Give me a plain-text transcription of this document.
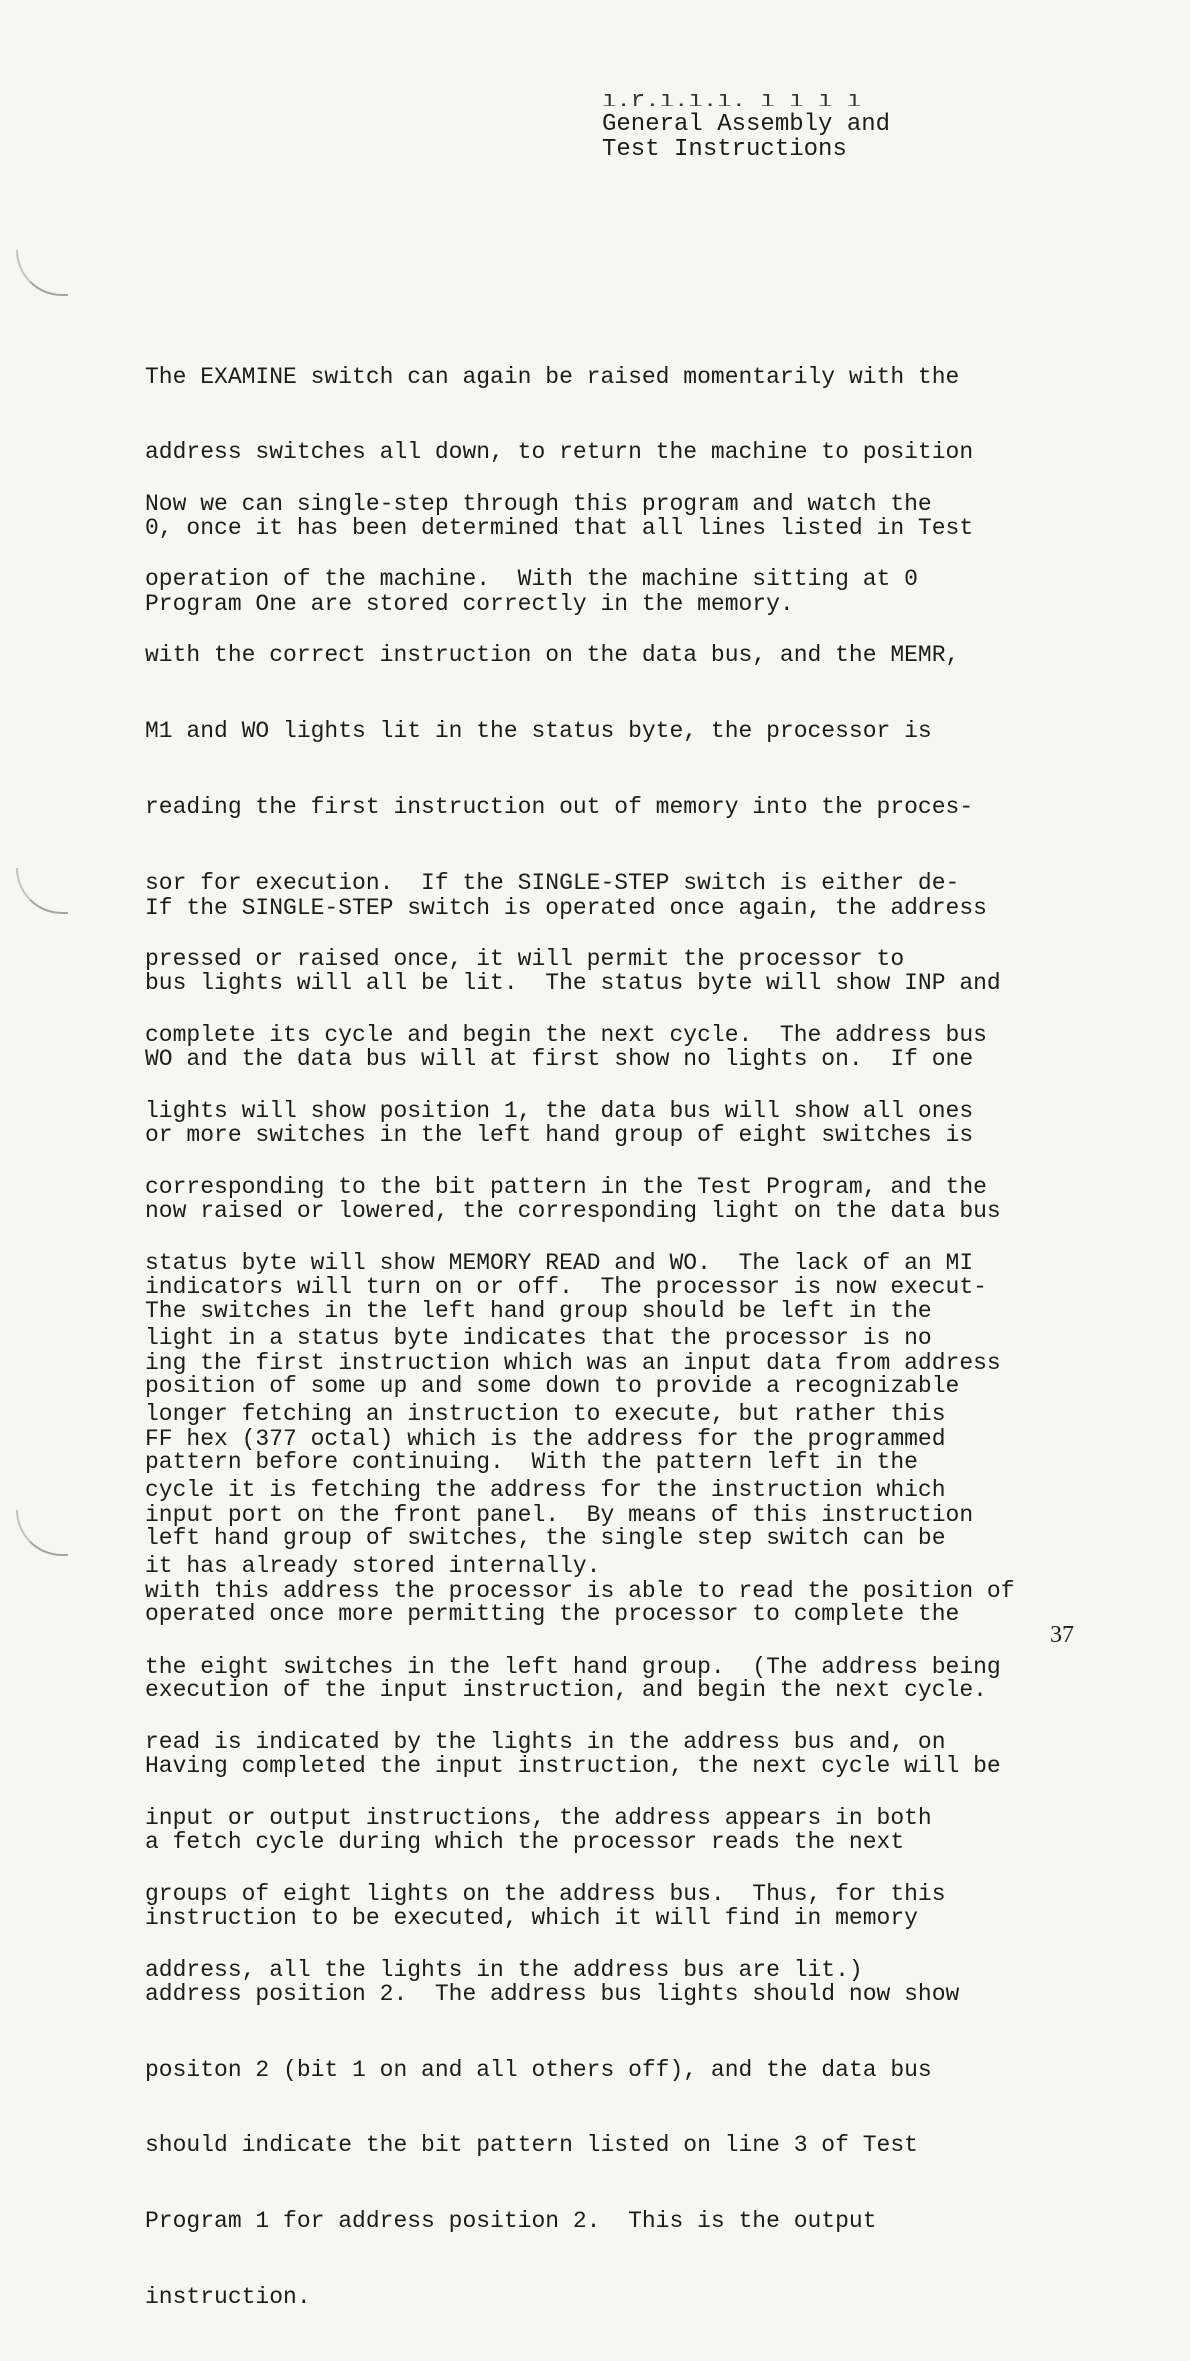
ı.r.ı.ı.ı. ı ı ı ı
General Assembly and
Test Instructions

The EXAMINE switch can again be raised momentarily with the

address switches all down, to return the machine to position

0, once it has been determined that all lines listed in Test

Program One are stored correctly in the memory.

Now we can single-step through this program and watch the

operation of the machine.  With the machine sitting at 0

with the correct instruction on the data bus, and the MEMR,

M1 and WO lights lit in the status byte, the processor is

reading the first instruction out of memory into the proces-

sor for execution.  If the SINGLE-STEP switch is either de-

pressed or raised once, it will permit the processor to

complete its cycle and begin the next cycle.  The address bus

lights will show position 1, the data bus will show all ones

corresponding to the bit pattern in the Test Program, and the

status byte will show MEMORY READ and WO.  The lack of an MI

light in a status byte indicates that the processor is no

longer fetching an instruction to execute, but rather this

cycle it is fetching the address for the instruction which

it has already stored internally.

If the SINGLE-STEP switch is operated once again, the address

bus lights will all be lit.  The status byte will show INP and

WO and the data bus will at first show no lights on.  If one

or more switches in the left hand group of eight switches is

now raised or lowered, the corresponding light on the data bus

indicators will turn on or off.  The processor is now execut-

ing the first instruction which was an input data from address

FF hex (377 octal) which is the address for the programmed

input port on the front panel.  By means of this instruction

with this address the processor is able to read the position of

the eight switches in the left hand group.  (The address being

read is indicated by the lights in the address bus and, on

input or output instructions, the address appears in both

groups of eight lights on the address bus.  Thus, for this

address, all the lights in the address bus are lit.)

The switches in the left hand group should be left in the

position of some up and some down to provide a recognizable

pattern before continuing.  With the pattern left in the

left hand group of switches, the single step switch can be

operated once more permitting the processor to complete the

execution of the input instruction, and begin the next cycle.

Having completed the input instruction, the next cycle will be

a fetch cycle during which the processor reads the next

instruction to be executed, which it will find in memory

address position 2.  The address bus lights should now show

positon 2 (bit 1 on and all others off), and the data bus

should indicate the bit pattern listed on line 3 of Test

Program 1 for address position 2.  This is the output

instruction.

37
